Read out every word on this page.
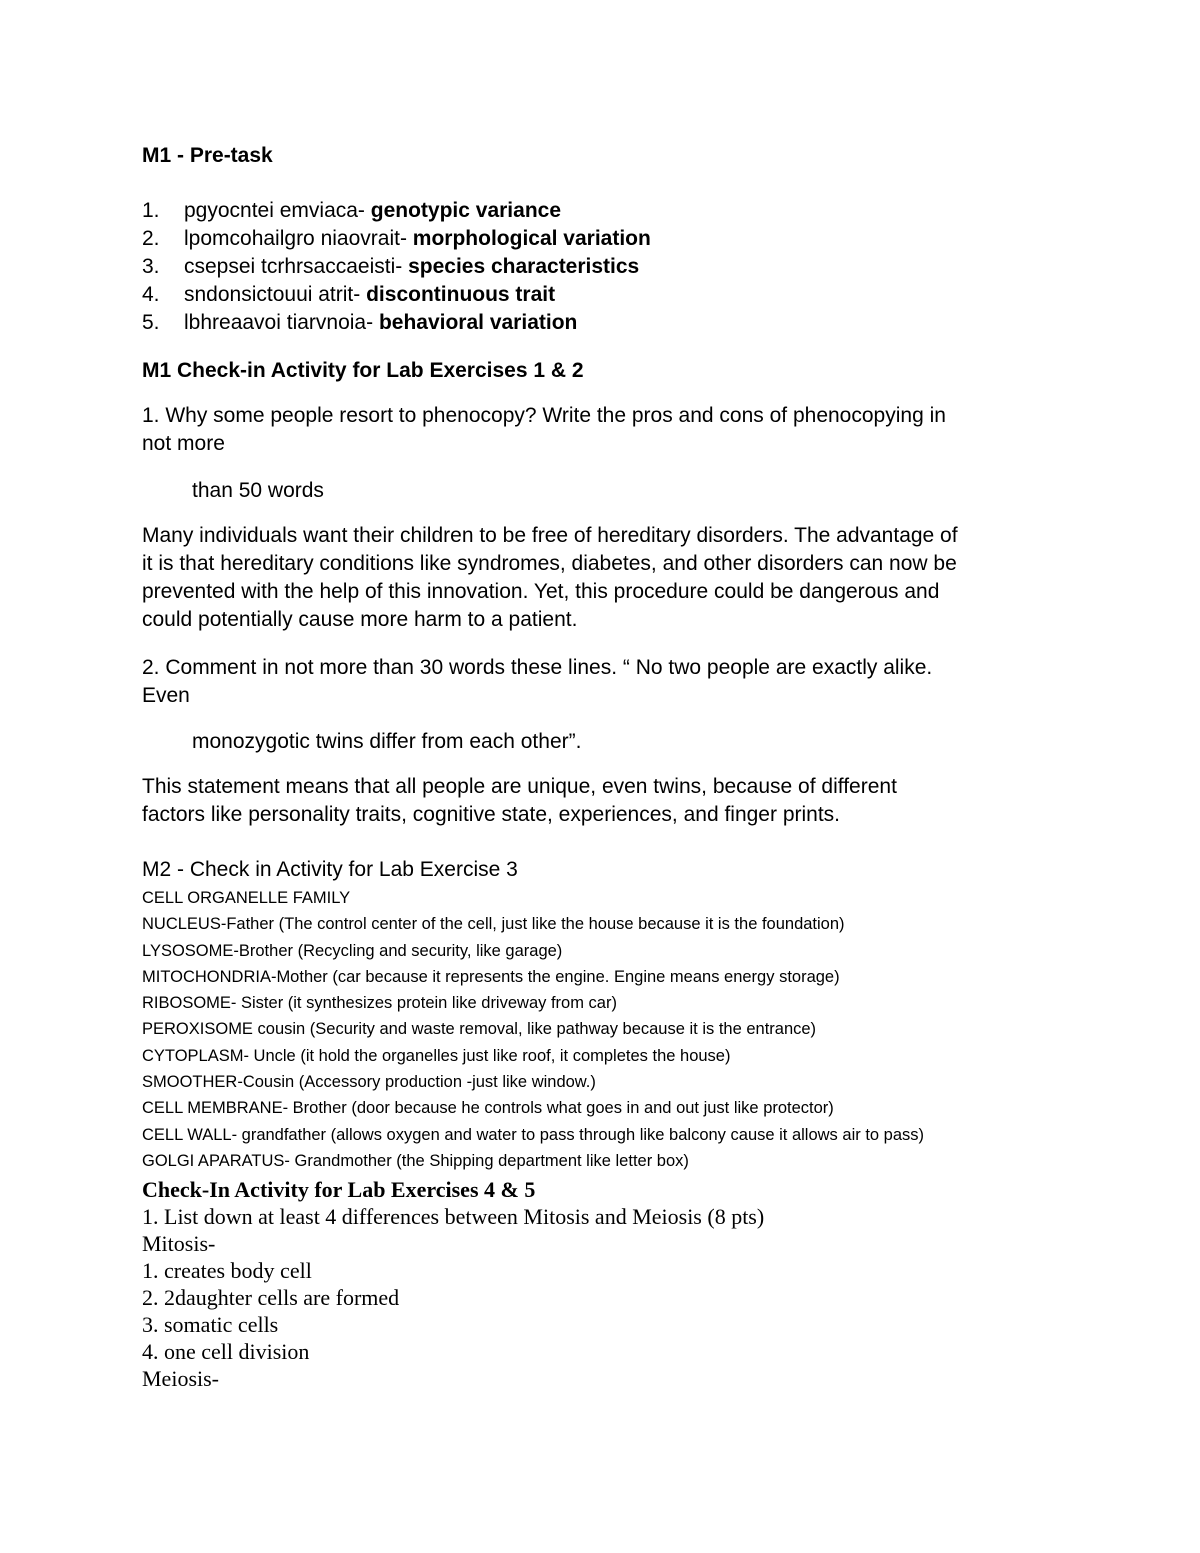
M1 - Pre-task
1. pgyocntei emviaca- genotypic variance
2. lpomcohailgro niaovrait- morphological variation
3. csepsei tcrhrsaccaeisti- species characteristics
4. sndonsictouui atrit- discontinuous trait
5. lbhreaavoi tiarvnoia- behavioral variation
M1 Check-in Activity for Lab Exercises 1 & 2
1. Why some people resort to phenocopy? Write the pros and cons of phenocopying in
not more
than 50 words
Many individuals want their children to be free of hereditary disorders. The advantage of
it is that hereditary conditions like syndromes, diabetes, and other disorders can now be
prevented with the help of this innovation. Yet, this procedure could be dangerous and
could potentially cause more harm to a patient.
2. Comment in not more than 30 words these lines. “ No two people are exactly alike.
Even
monozygotic twins differ from each other”.
This statement means that all people are unique, even twins, because of different
factors like personality traits, cognitive state, experiences, and finger prints.
M2 - Check in Activity for Lab Exercise 3
CELL ORGANELLE FAMILY
NUCLEUS-Father (The control center of the cell, just like the house because it is the foundation)
LYSOSOME-Brother (Recycling and security, like garage)
MITOCHONDRIA-Mother (car because it represents the engine. Engine means energy storage)
RIBOSOME- Sister (it synthesizes protein like driveway from car)
PEROXISOME cousin (Security and waste removal, like pathway because it is the entrance)
CYTOPLASM- Uncle (it hold the organelles just like roof, it completes the house)
SMOOTHER-Cousin (Accessory production -just like window.)
CELL MEMBRANE- Brother (door because he controls what goes in and out just like protector)
CELL WALL- grandfather (allows oxygen and water to pass through like balcony cause it allows air to pass)
GOLGI APARATUS- Grandmother (the Shipping department like letter box)
Check-In Activity for Lab Exercises 4 & 5
1. List down at least 4 differences between Mitosis and Meiosis (8 pts)
Mitosis-
1. creates body cell
2. 2daughter cells are formed
3. somatic cells
4. one cell division
Meiosis-
